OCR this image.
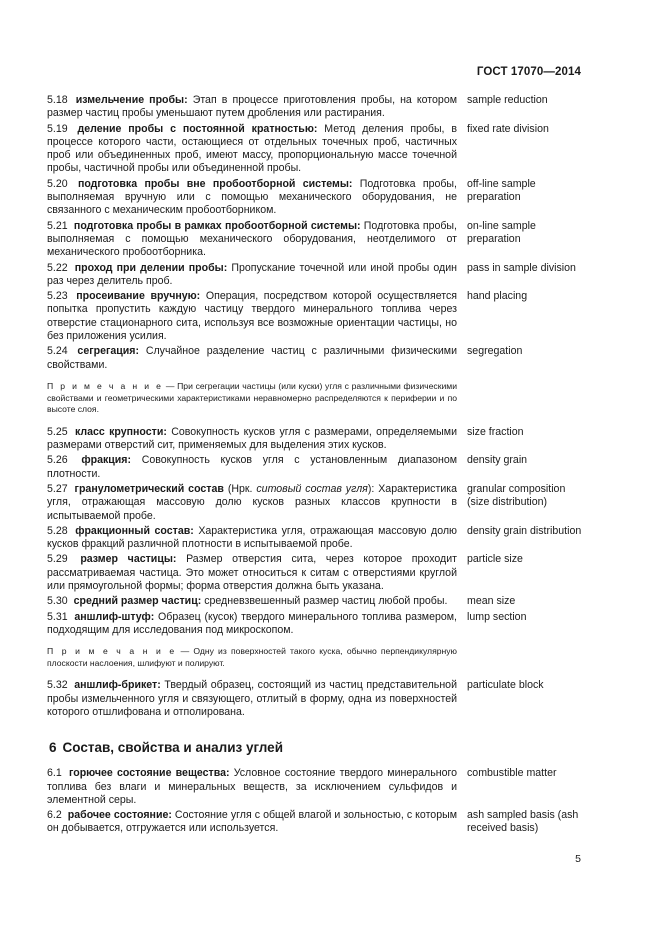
ГОСТ 17070—2014
5.18 измельчение пробы: Этап в процессе приготовления пробы, на котором размер частиц пробы уменьшают путем дробления или растирания.
sample reduction
5.19 деление пробы с постоянной кратностью: Метод деления пробы, в процессе которого части, остающиеся от отдельных точечных проб, частичных проб или объединенных проб, имеют массу, пропорциональную массе точечной пробы, частичной пробы или объединенной пробы.
fixed rate division
5.20 подготовка пробы вне пробоотборной системы: Подготовка пробы, выполняемая вручную или с помощью механического оборудования, не связанного с механическим пробоотборником.
off-line sample preparation
5.21 подготовка пробы в рамках пробоотборной системы: Подготовка пробы, выполняемая с помощью механического оборудования, неотделимого от механического пробоотборника.
on-line sample preparation
5.22 проход при делении пробы: Пропускание точечной или иной пробы один раз через делитель проб.
pass in sample division
5.23 просеивание вручную: Операция, посредством которой осуществляется попытка пропустить каждую частицу твердого минерального топлива через отверстие стационарного сита, используя все возможные ориентации частицы, но без приложения усилия.
hand placing
5.24 сегрегация: Случайное разделение частиц с различными физическими свойствами.
segregation
П р и м е ч а н и е — При сегрегации частицы (или куски) угля с различными физическими свойствами и геометрическими характеристиками неравномерно распределяются к периферии и по высоте слоя.
5.25 класс крупности: Совокупность кусков угля с размерами, определяемыми размерами отверстий сит, применяемых для выделения этих кусков.
size fraction
5.26 фракция: Совокупность кусков угля с установленным диапазоном плотности.
density grain
5.27 гранулометрический состав (Нрк. ситовый состав угля): Характеристика угля, отражающая массовую долю кусков разных классов крупности в испытываемой пробе.
granular composition (size distribution)
5.28 фракционный состав: Характеристика угля, отражающая массовую долю кусков фракций различной плотности в испытываемой пробе.
density grain distribution
5.29 размер частицы: Размер отверстия сита, через которое проходит рассматриваемая частица. Это может относиться к ситам с отверстиями круглой или прямоугольной формы; форма отверстия должна быть указана.
particle size
5.30 средний размер частиц: средневзвешенный размер частиц любой пробы.	mean size
5.31 аншлиф-штуф: Образец (кусок) твердого минерального топлива размером, подходящим для исследования под микроскопом.
lump section
П р и м е ч а н и е — Одну из поверхностей такого куска, обычно перпендикулярную плоскости наслоения, шлифуют и полируют.
5.32 аншлиф-брикет: Твердый образец, состоящий из частиц представительной пробы измельченного угля и связующего, отлитый в форму, одна из поверхностей которого отшлифована и отполирована.
particulate block
6 Состав, свойства и анализ углей
6.1 горючее состояние вещества: Условное состояние твердого минерального топлива без влаги и минеральных веществ, за исключением сульфидов и элементной серы.
combustible matter
6.2 рабочее состояние: Состояние угля с общей влагой и зольностью, с которым он добывается, отгружается или используется.
ash sampled basis (ash received basis)
5
